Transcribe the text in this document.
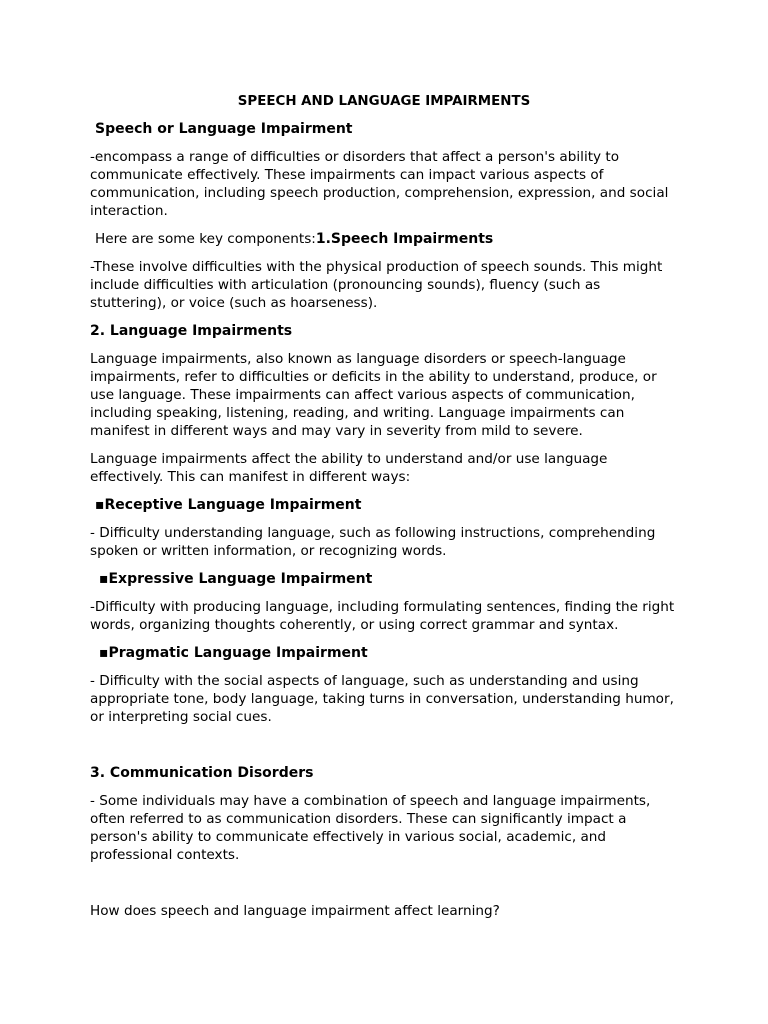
SPEECH AND LANGUAGE IMPAIRMENTS
Speech or Language Impairment
-encompass a range of difficulties or disorders that affect a person's ability to communicate effectively. These impairments can impact various aspects of communication, including speech production, comprehension, expression, and social interaction.
Here are some key components:1.Speech Impairments
-These involve difficulties with the physical production of speech sounds. This might include difficulties with articulation (pronouncing sounds), fluency (such as stuttering), or voice (such as hoarseness).
2. Language Impairments
Language impairments, also known as language disorders or speech-language impairments, refer to difficulties or deficits in the ability to understand, produce, or use language. These impairments can affect various aspects of communication, including speaking, listening, reading, and writing. Language impairments can manifest in different ways and may vary in severity from mild to severe.
Language impairments affect the ability to understand and/or use language effectively. This can manifest in different ways:
▪Receptive Language Impairment
- Difficulty understanding language, such as following instructions, comprehending spoken or written information, or recognizing words.
▪Expressive Language Impairment
-Difficulty with producing language, including formulating sentences, finding the right words, organizing thoughts coherently, or using correct grammar and syntax.
▪Pragmatic Language Impairment
- Difficulty with the social aspects of language, such as understanding and using appropriate tone, body language, taking turns in conversation, understanding humor, or interpreting social cues.
3. Communication Disorders
- Some individuals may have a combination of speech and language impairments, often referred to as communication disorders. These can significantly impact a person's ability to communicate effectively in various social, academic, and professional contexts.
How does speech and language impairment affect learning?
